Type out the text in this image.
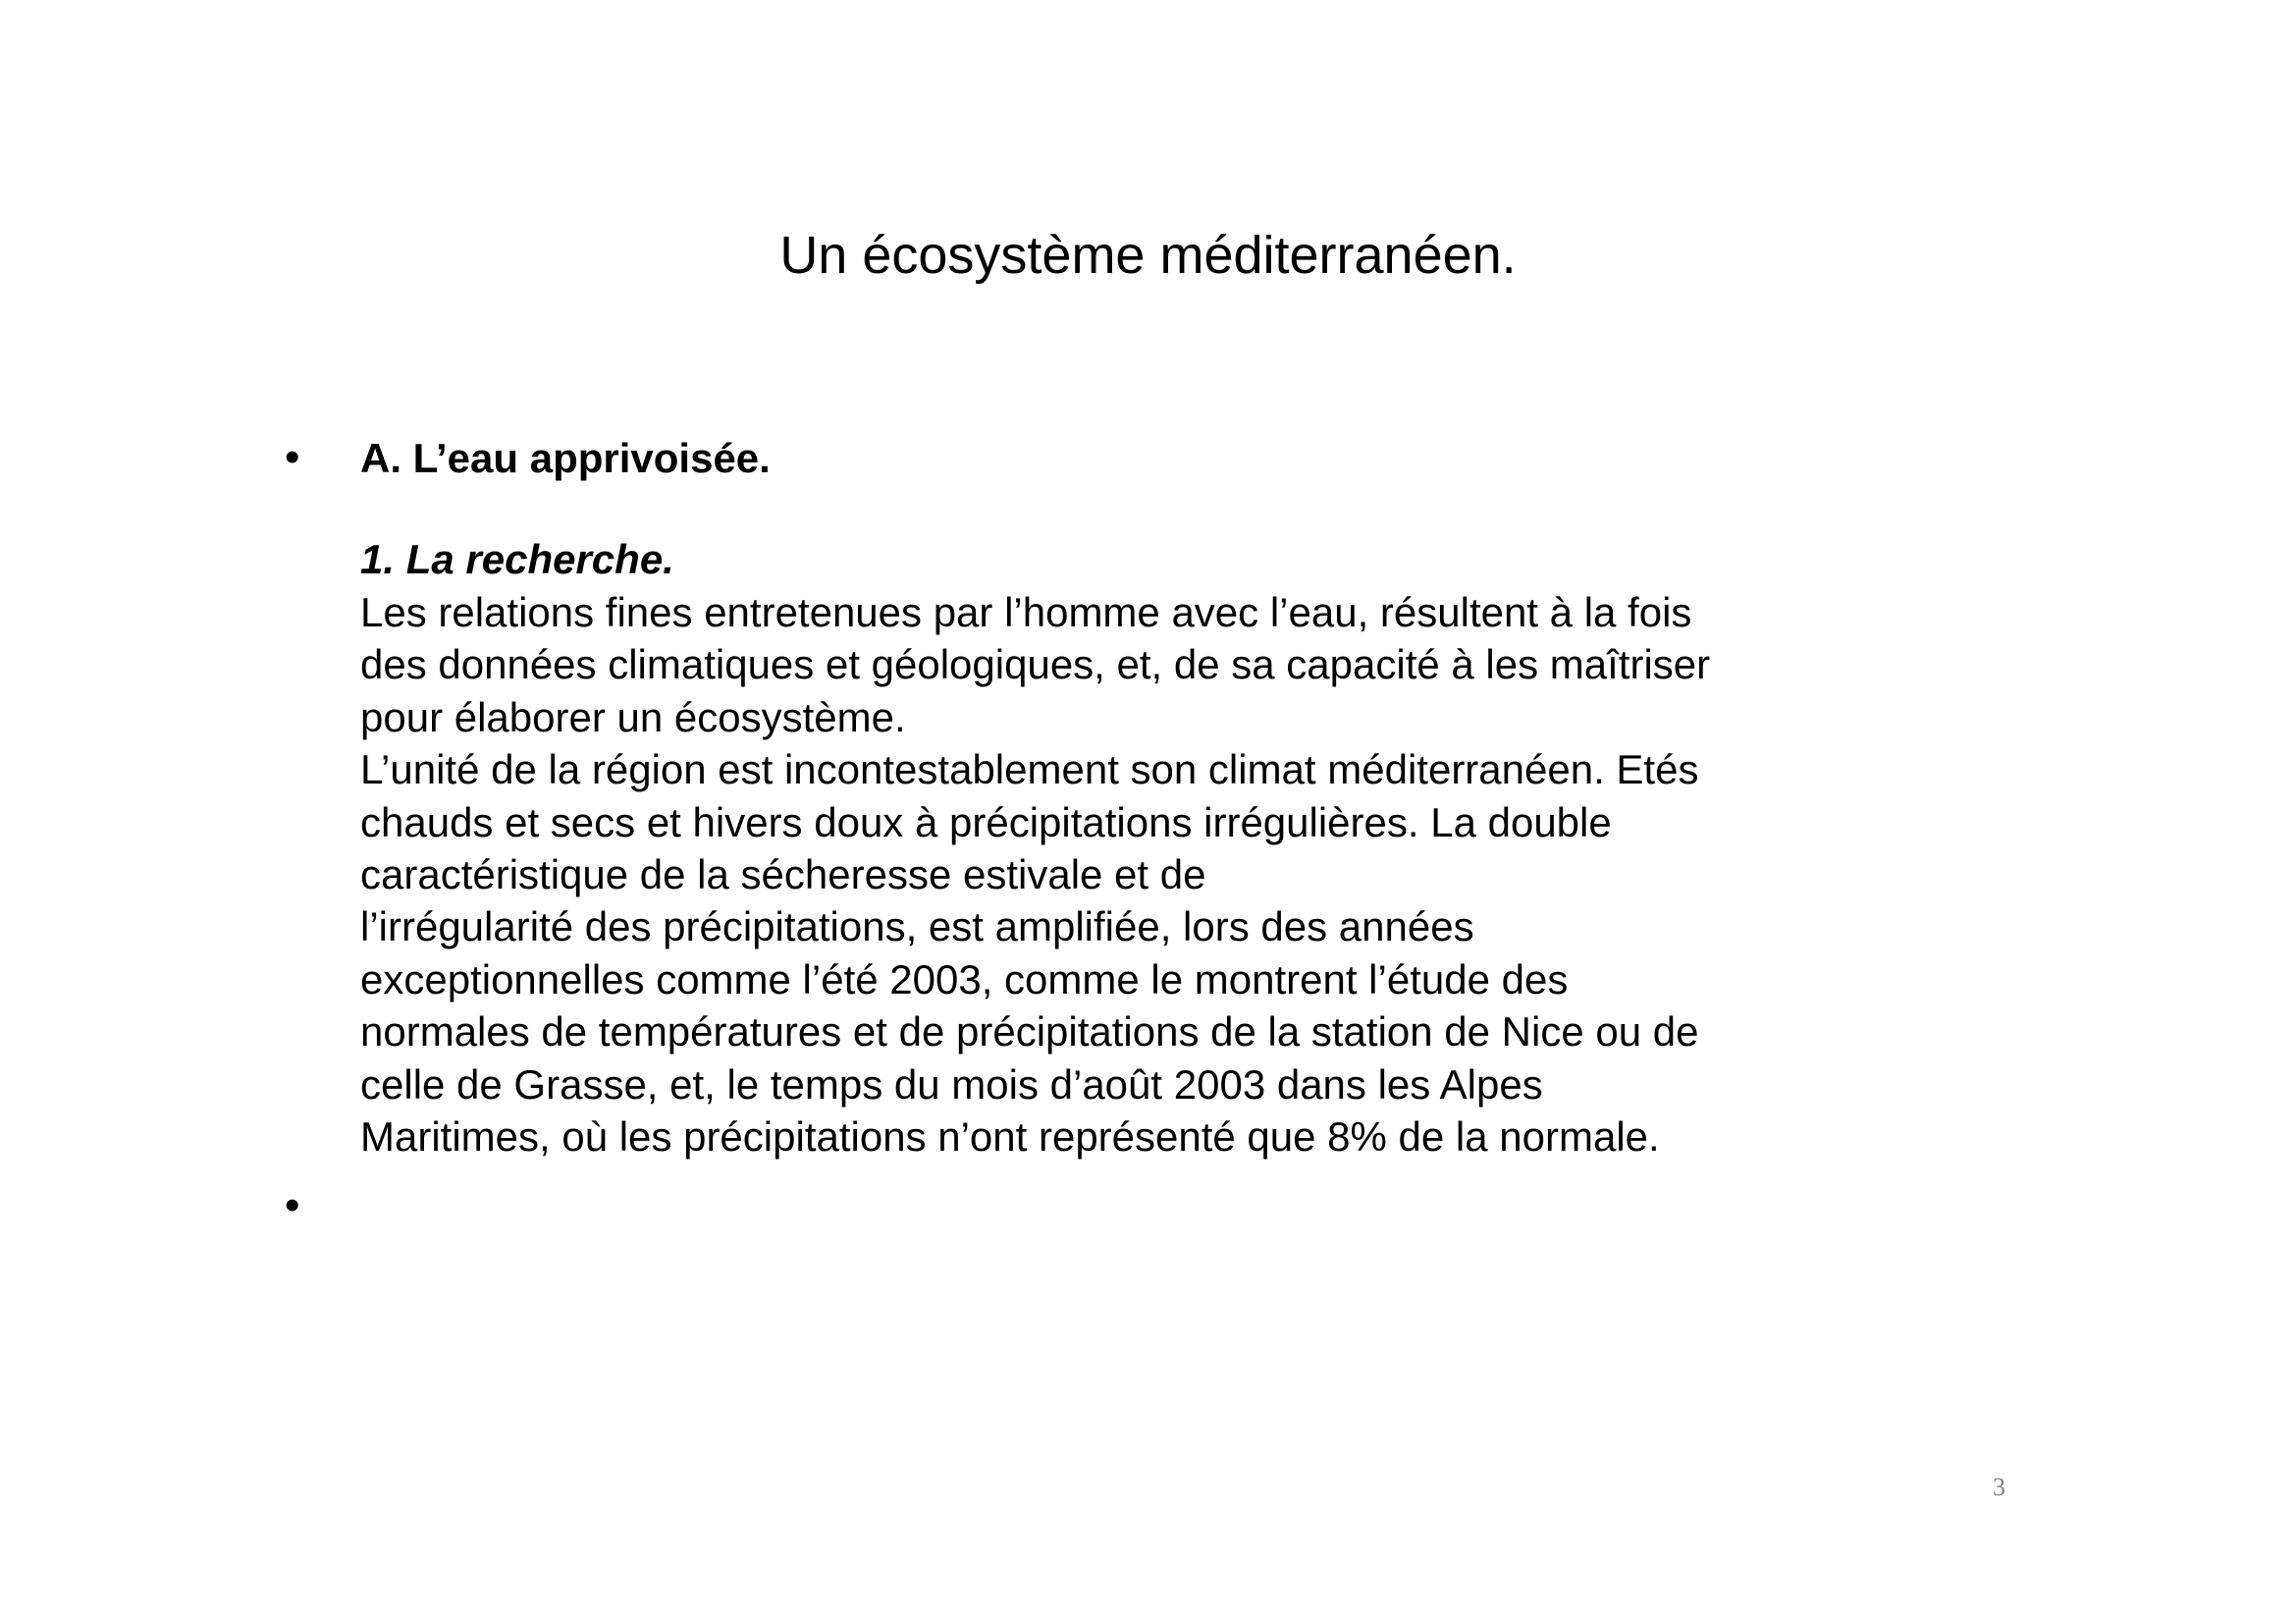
Un écosystème méditerranéen.
• A. L’eau apprivoisée.
1. La recherche.
Les relations fines entretenues par l’homme avec l’eau, résultent à la fois
des données climatiques et géologiques, et, de sa capacité à les maîtriser
pour élaborer un écosystème.
L’unité de la région est incontestablement son climat méditerranéen. Etés
chauds et secs et hivers doux à précipitations irrégulières. La double
caractéristique de la sécheresse estivale et de
l’irrégularité des précipitations, est amplifiée, lors des années
exceptionnelles comme l’été 2003, comme le montrent l’étude des
normales de températures et de précipitations de la station de Nice ou de
celle de Grasse, et, le temps du mois d’août 2003 dans les Alpes
Maritimes, où les précipitations n’ont représenté que 8% de la normale.
•
3
